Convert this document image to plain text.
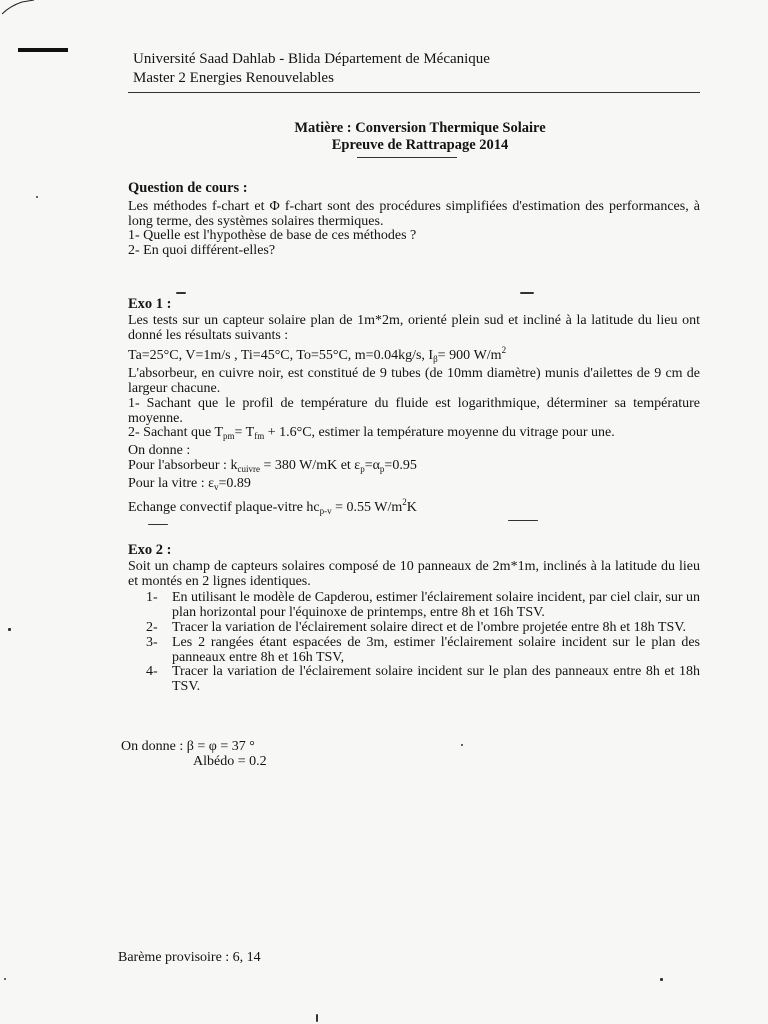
Université Saad Dahlab - Blida Département de Mécanique
Master 2 Energies Renouvelables
Matière : Conversion Thermique Solaire
Epreuve de Rattrapage 2014
Question de cours :
Les méthodes f-chart et Φ f-chart sont des procédures simplifiées d'estimation des performances, à long terme, des systèmes solaires thermiques.
1- Quelle est l'hypothèse de base de ces méthodes ?
2- En quoi différent-elles?
Exo 1 :
Les tests sur un capteur solaire plan de 1m*2m, orienté plein sud et incliné à la latitude du lieu ont donné les résultats suivants :
Ta=25°C, V=1m/s , Ti=45°C, To=55°C, m=0.04kg/s, $I_\beta= 900$ $W/m^2$
L'absorbeur, en cuivre noir, est constitué de 9 tubes (de 10mm diamètre) munis d'ailettes de 9 cm de largeur chacune.
1- Sachant que le profil de température du fluide est logarithmique, déterminer sa température moyenne.
2- Sachant que $T_{pm}= T_{fm} + 1.6^\circ C$, estimer la température moyenne du vitrage pour une.
On donne :
Pour l'absorbeur : $k_{cuivre} = 380$ W/mK et $\varepsilon_p=\alpha_p=0.95$
Pour la vitre : $\varepsilon_v=0.89$
Echange convectif plaque-vitre $hc_{p-v} = 0.55$ $W/m^2K$
Exo 2 :
Soit un champ de capteurs solaires composé de 10 panneaux de 2m*1m, inclinés à la latitude du lieu et montés en 2 lignes identiques.
1-	En utilisant le modèle de Capderou, estimer l'éclairement solaire incident, par ciel clair, sur un plan horizontal pour l'équinoxe de printemps, entre 8h et 16h TSV.
2-	Tracer la variation de l'éclairement solaire direct et de l'ombre projetée entre 8h et 18h TSV.
3-	Les 2 rangées étant espacées de 3m, estimer l'éclairement solaire incident sur le plan des panneaux entre 8h et 16h TSV,
4-	Tracer la variation de l'éclairement solaire incident sur le plan des panneaux entre 8h et 18h TSV.
On donne : β = φ = 37 °
Albédo = 0.2
Barème provisoire : 6, 14
